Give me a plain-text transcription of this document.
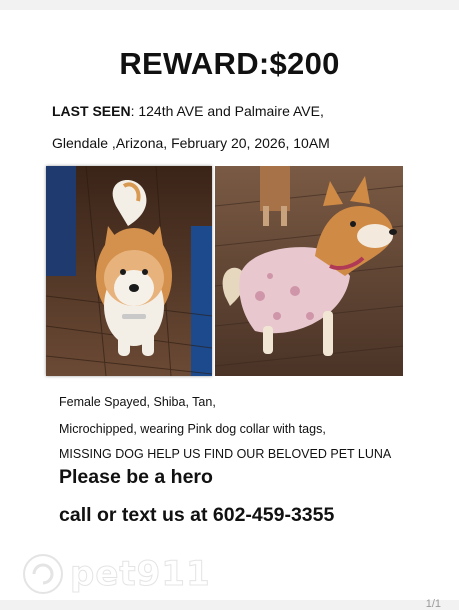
REWARD:$200
LAST SEEN: 124th AVE and Palmaire AVE,
Glendale ,Arizona, February 20, 2026, 10AM
Female Spayed, Shiba, Tan,
Microchipped, wearing Pink dog collar with tags,
MISSING DOG HELP US FIND OUR BELOVED PET LUNA
Please be a hero
call or text us at 602-459-3355
pet911
1/1
